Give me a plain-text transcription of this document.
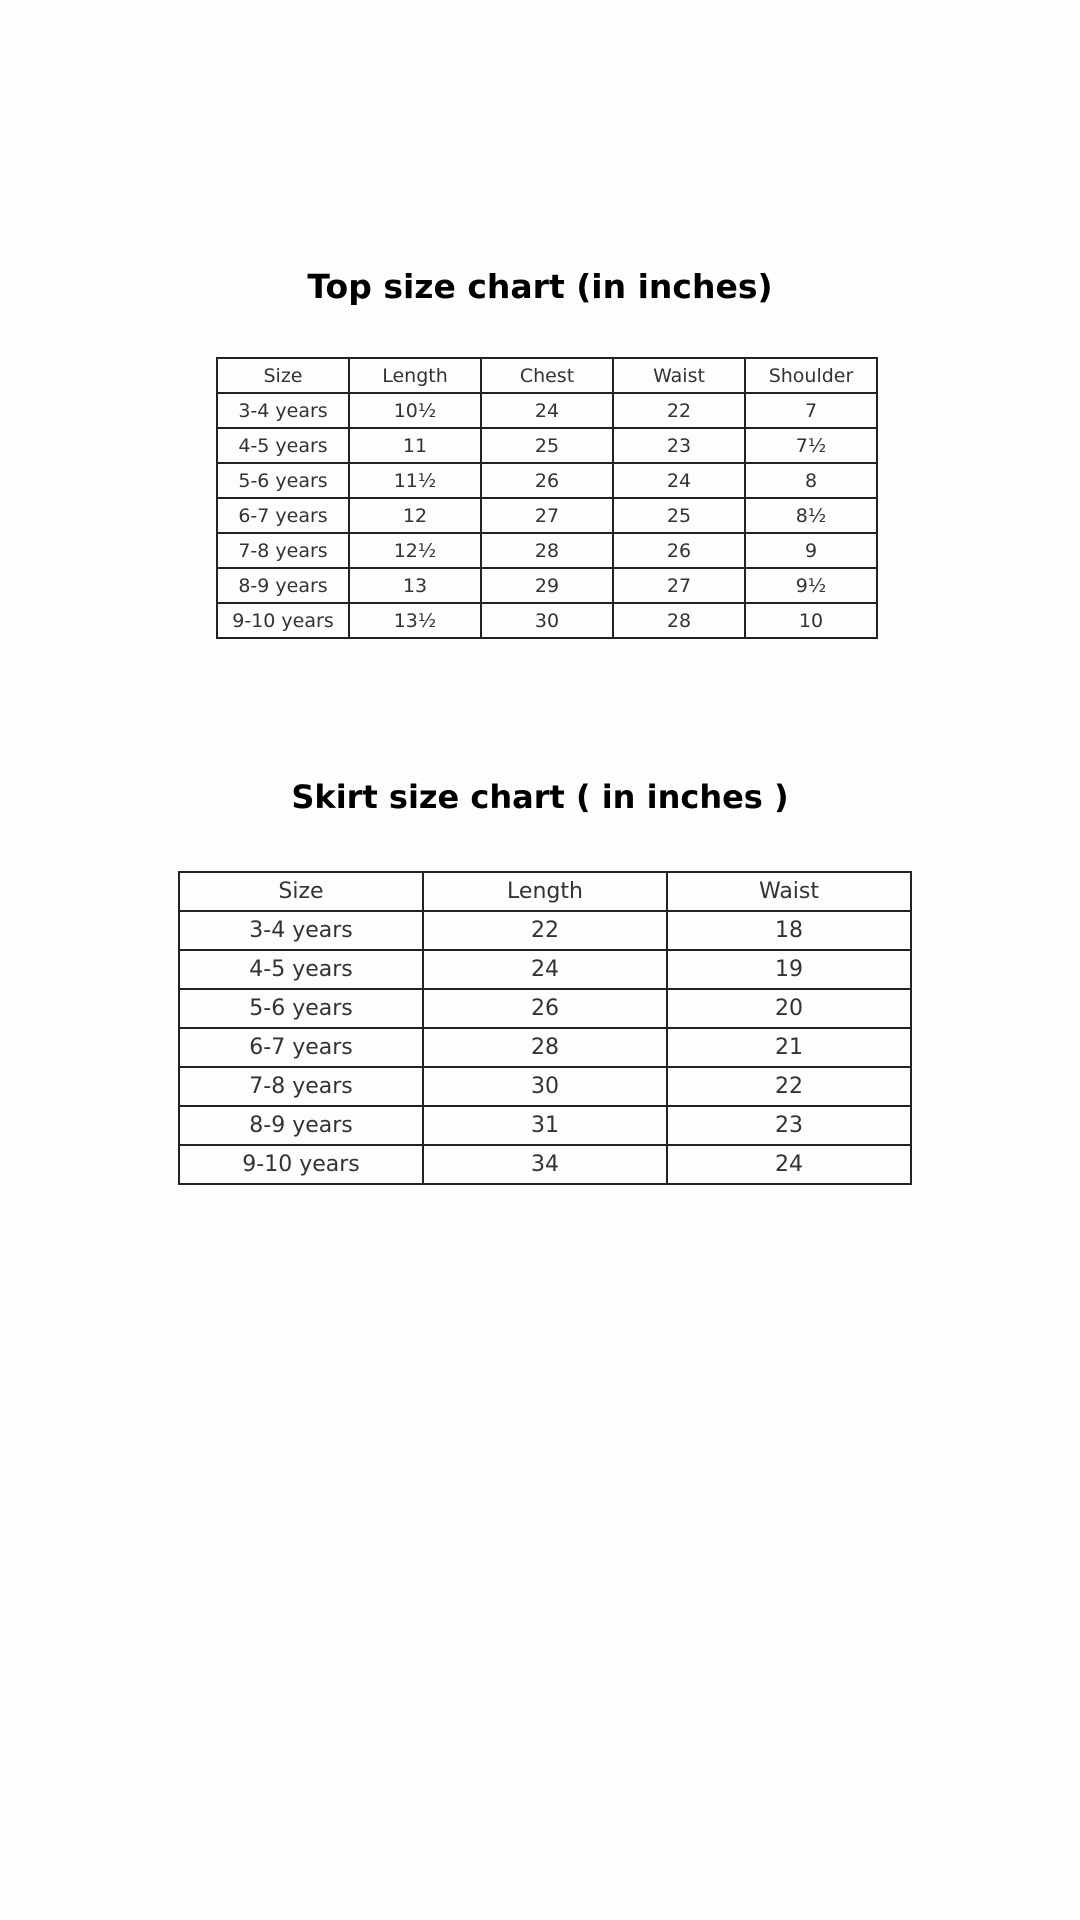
Top size chart (in inches)
Size	Length	Chest	Waist	Shoulder
3-4 years	10½	24	22	7
4-5 years	11	25	23	7½
5-6 years	11½	26	24	8
6-7 years	12	27	25	8½
7-8 years	12½	28	26	9
8-9 years	13	29	27	9½
9-10 years	13½	30	28	10
Skirt size chart ( in inches )
Size	Length	Waist
3-4 years	22	18
4-5 years	24	19
5-6 years	26	20
6-7 years	28	21
7-8 years	30	22
8-9 years	31	23
9-10 years	34	24
